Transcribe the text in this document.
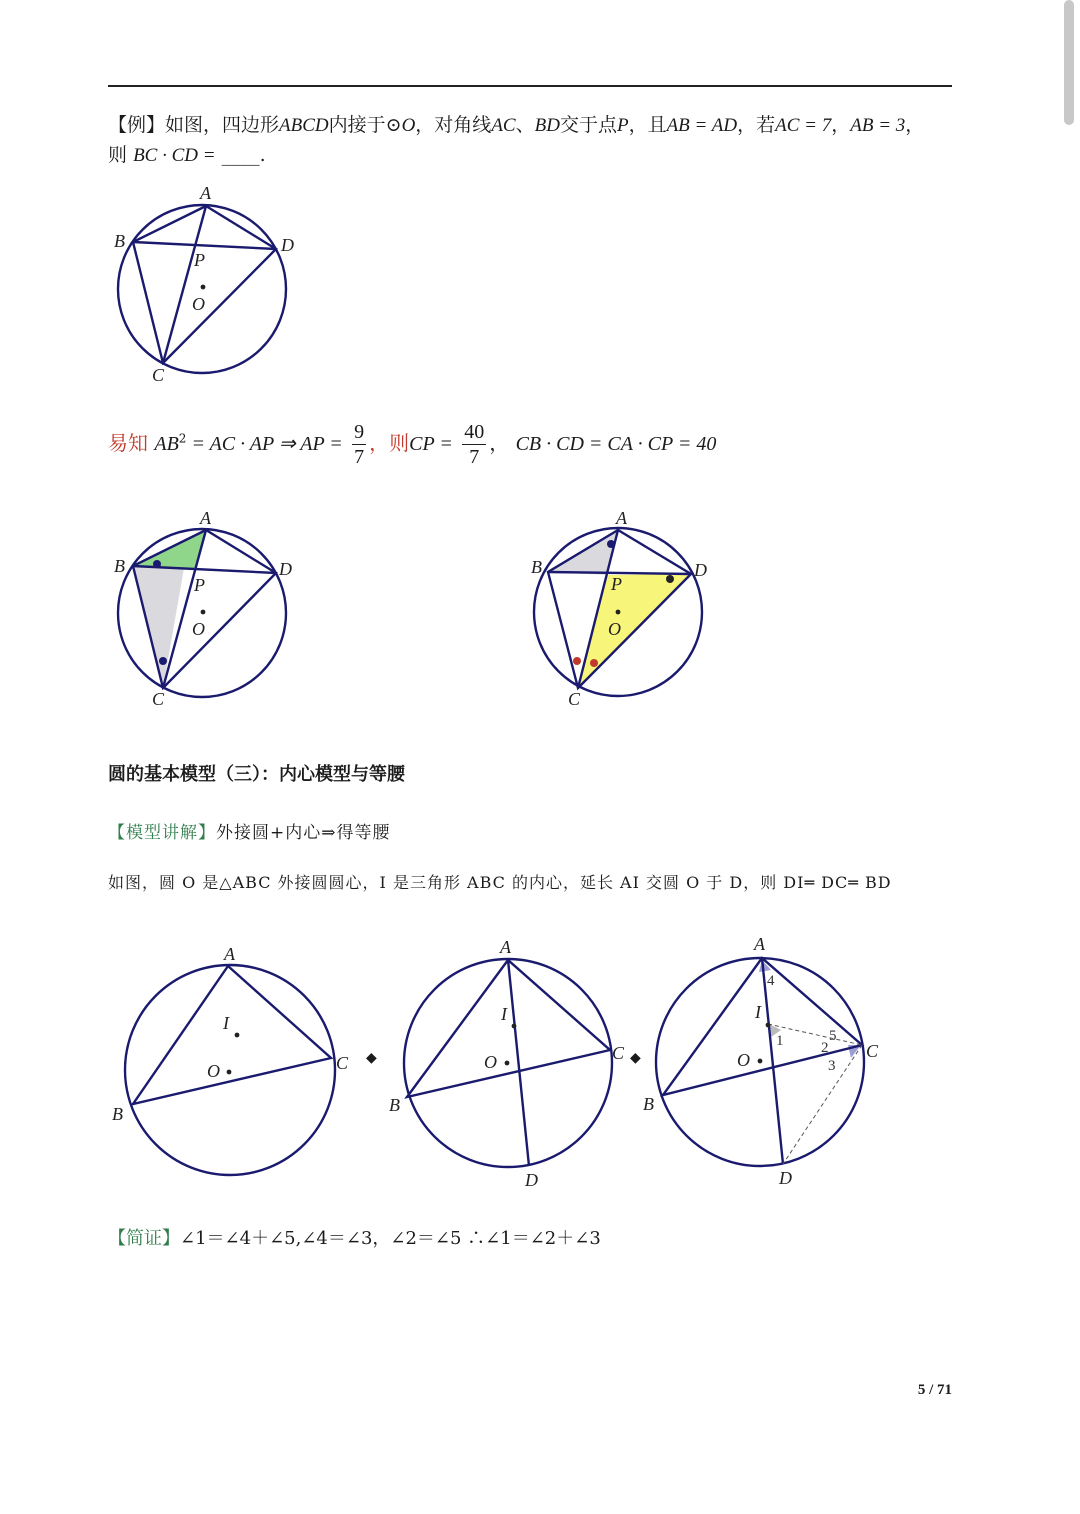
【例】如图，四边形ABCD内接于⊙O，对角线AC、BD交于点P，且AB = AD，若AC = 7，AB = 3，
则 BC · CD = ____.
A
B	D
P
O
C
易知 $AB^2$ = AC · AP ⇒ AP = $\frac{9}{7}$ ，则CP = $\frac{40}{7}$ ， CB · CD = CA · CP = 40
A
B	D
P
O
C
A
B	D
P
O
C
圆的基本模型（三）：内心模型与等腰
【模型讲解】外接圆+内心⇒得等腰
如图，圆 O 是△ABC 外接圆圆心，I 是三角形 ABC 的内心，延长 AI 交圆 O 于 D，则 DI═ DC═ BD
A
B
C
I
O
◆
A
B
C
I
O
D
◆
A
B
C
I
O
D
4
1	5
2
3
【简证】∠1＝∠4＋∠5,∠4＝∠3，∠2＝∠5 ∴∠1＝∠2＋∠3
5 / 71
